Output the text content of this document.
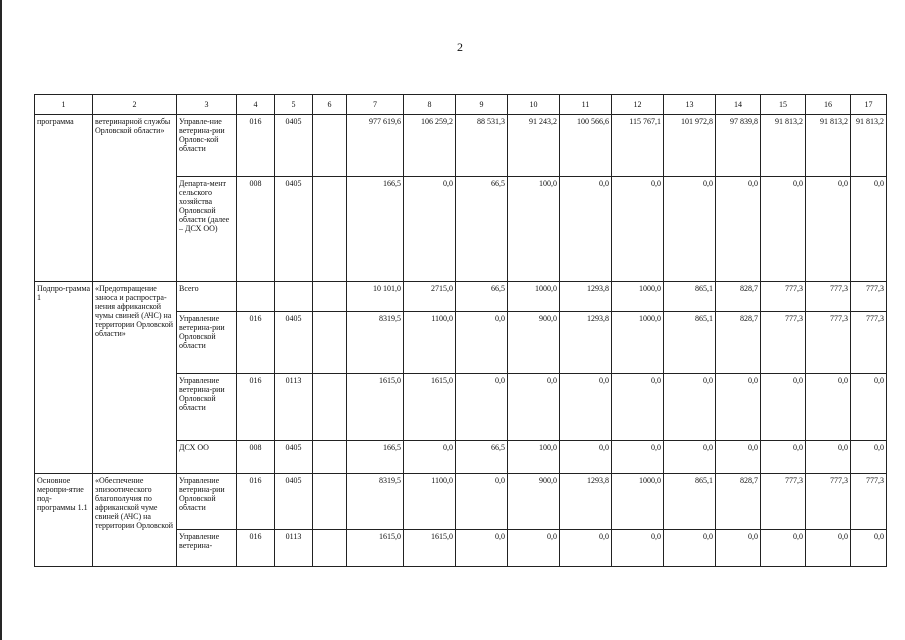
2
1	2	3	4	5	6	7	8	9	10	11	12	13	14	15	16	17
программа	ветеринарной службы Орловской области»	Управле-ние ветерина-рии Орловс-кой области	016	0405		977 619,6	106 259,2	88 531,3	91 243,2	100 566,6	115 767,1	101 972,8	97 839,8	91 813,2	91 813,2	91 813,2
		Департа-мент сельского хозяйства Орловской области (далее – ДСХ ОО)	008	0405		166,5	0,0	66,5	100,0	0,0	0,0	0,0	0,0	0,0	0,0	0,0
Подпро-грамма 1	«Предотвращение заноса и распростра-нения африканской чумы свиней (АЧС) на территории Орловской области»	Всего				10 101,0	2715,0	66,5	1000,0	1293,8	1000,0	865,1	828,7	777,3	777,3	777,3
		Управление ветерина-рии Орловской области	016	0405		8319,5	1100,0	0,0	900,0	1293,8	1000,0	865,1	828,7	777,3	777,3	777,3
		Управление ветерина-рии Орловской области	016	0113		1615,0	1615,0	0,0	0,0	0,0	0,0	0,0	0,0	0,0	0,0	0,0
		ДСХ ОО	008	0405		166,5	0,0	66,5	100,0	0,0	0,0	0,0	0,0	0,0	0,0	0,0
Основное меропри-ятие под-программы 1.1	«Обеспечение эпизоотического благополучия по африканской чуме свиней (АЧС) на территории Орловской	Управление ветерина-рии Орловской области	016	0405		8319,5	1100,0	0,0	900,0	1293,8	1000,0	865,1	828,7	777,3	777,3	777,3
		Управление ветерина-	016	0113		1615,0	1615,0	0,0	0,0	0,0	0,0	0,0	0,0	0,0	0,0	0,0
